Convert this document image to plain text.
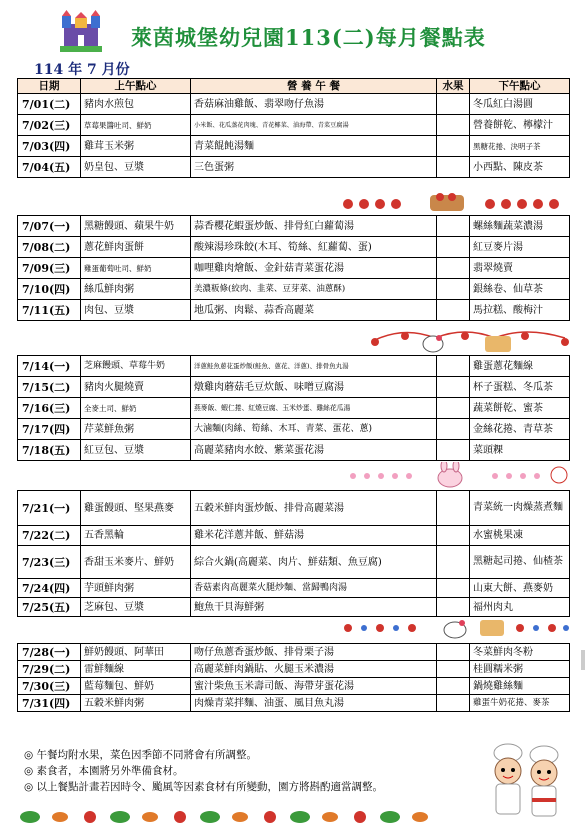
萊茵城堡幼兒園113(二)每月餐點表
114 年 7 月份
日期	上午點心	營 養 午 餐	水果	下午點心
7/01(二)	豬肉水煎包	香菇麻油雞飯、翡翠吻仔魚湯		冬瓜紅白湯圓
7/02(三)	草莓果醬吐司、鮮奶	小米飯、花瓜蒸花肉塊、青花椰菜、油海帶、青菜豆腐湯		營養餅乾、檸檬汁
7/03(四)	雞茸玉米粥	青菜餛飩湯麵		黑糖花捲、決明子茶
7/04(五)	奶皇包、豆漿	三色蛋粥		小西點、陳皮茶
7/07(一)	黑糖饅頭、蘋果牛奶	蒜香櫻花蝦蛋炒飯、排骨紅白蘿蔔湯		螺絲麵蔬菜濃湯
7/08(二)	蔥花鮮肉蛋餅	酸辣湯珍珠餃(木耳、筍絲、紅蘿蔔、蛋)		紅豆麥片湯
7/09(三)	雞蛋葡萄吐司、鮮奶	咖哩雞肉燴飯、金針菇青菜蛋花湯		翡翠燒賣
7/10(四)	絲瓜鮮肉粥	美濃粄條(絞肉、韭菜、豆芽菜、油蔥酥)		銀絲卷、仙草茶
7/11(五)	肉包、豆漿	地瓜粥、肉鬆、蒜香高麗菜		馬拉糕、酸梅汁
7/14(一)	芝麻饅頭、草莓牛奶	洋蔥鮭魚蔥花蛋炒飯(鮭魚、蔥花、洋蔥)、排骨魚丸湯		雞蛋蔥花麵線
7/15(二)	豬肉火腿燒賣	燉雞肉蘑菇毛豆炊飯、味噌豆腐湯		杯子蛋糕、冬瓜茶
7/16(三)	全麥土司、鮮奶	燕麥飯、蝦仁捲、紅燒豆腐、玉米炒蛋、雞絲花瓜湯		蔬菜餅乾、蜜茶
7/17(四)	芹菜鮮魚粥	大滷麵(肉絲、筍絲、木耳、青菜、蛋花、蔥)		金絲花捲、青草茶
7/18(五)	紅豆包、豆漿	高麗菜豬肉水餃、紫菜蛋花湯		菜頭粿
7/21(一)	雞蛋饅頭、堅果燕麥	五穀米鮮肉蛋炒飯、排骨高麗菜湯		青菜統一肉燥蒸煮麵
7/22(二)	五香黑輪	雞米花洋蔥丼飯、鮮菇湯		水蜜桃果凍
7/23(三)	香甜玉米麥片、鮮奶	綜合火鍋(高麗菜、肉片、鮮菇類、魚豆腐)		黑糖起司捲、仙楂茶
7/24(四)	芋頭鮮肉粥	香菇素肉高麗菜火腿炒麵、當歸鴨肉湯		山東大餅、燕麥奶
7/25(五)	芝麻包、豆漿	鮑魚干貝海鮮粥		福州肉丸
7/28(一)	鮮奶饅頭、阿華田	吻仔魚蔥香蛋炒飯、排骨栗子湯		冬菜鮮肉冬粉
7/29(二)	雷鮮麵線	高麗菜鮮肉鍋貼、火腿玉米濃湯		桂圓糯米粥
7/30(三)	藍莓麵包、鮮奶	蜜汁柴魚玉米壽司飯、海帶芽蛋花湯		鍋燒雞絲麵
7/31(四)	五穀米鮮肉粥	肉燥青菜拌麵、油蛋、風目魚丸湯		雞蛋牛奶花捲、麥茶
◎ 午餐均附水果，菜色因季節不同將會有所調整。
◎ 素食者，本園將另外準備食材。
◎ 以上餐點計畫若因時令、颱風等因素食材有所變動，園方將斟酌適當調整。
